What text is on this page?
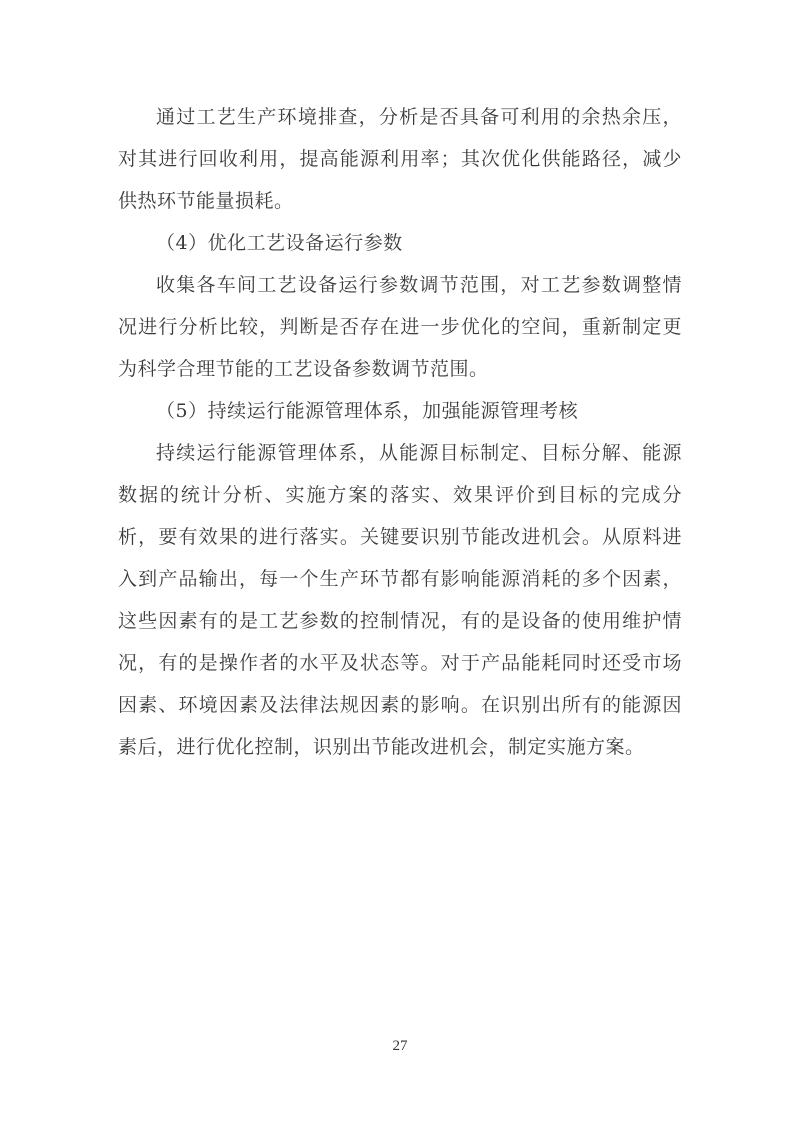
通过工艺生产环境排查，分析是否具备可利用的余热余压，对其进行回收利用，提高能源利用率；其次优化供能路径，减少供热环节能量损耗。

（4）优化工艺设备运行参数

收集各车间工艺设备运行参数调节范围，对工艺参数调整情况进行分析比较，判断是否存在进一步优化的空间，重新制定更为科学合理节能的工艺设备参数调节范围。

（5）持续运行能源管理体系，加强能源管理考核

持续运行能源管理体系，从能源目标制定、目标分解、能源数据的统计分析、实施方案的落实、效果评价到目标的完成分析，要有效果的进行落实。关键要识别节能改进机会。从原料进入到产品输出，每一个生产环节都有影响能源消耗的多个因素，这些因素有的是工艺参数的控制情况，有的是设备的使用维护情况，有的是操作者的水平及状态等。对于产品能耗同时还受市场因素、环境因素及法律法规因素的影响。在识别出所有的能源因素后，进行优化控制，识别出节能改进机会，制定实施方案。

27
